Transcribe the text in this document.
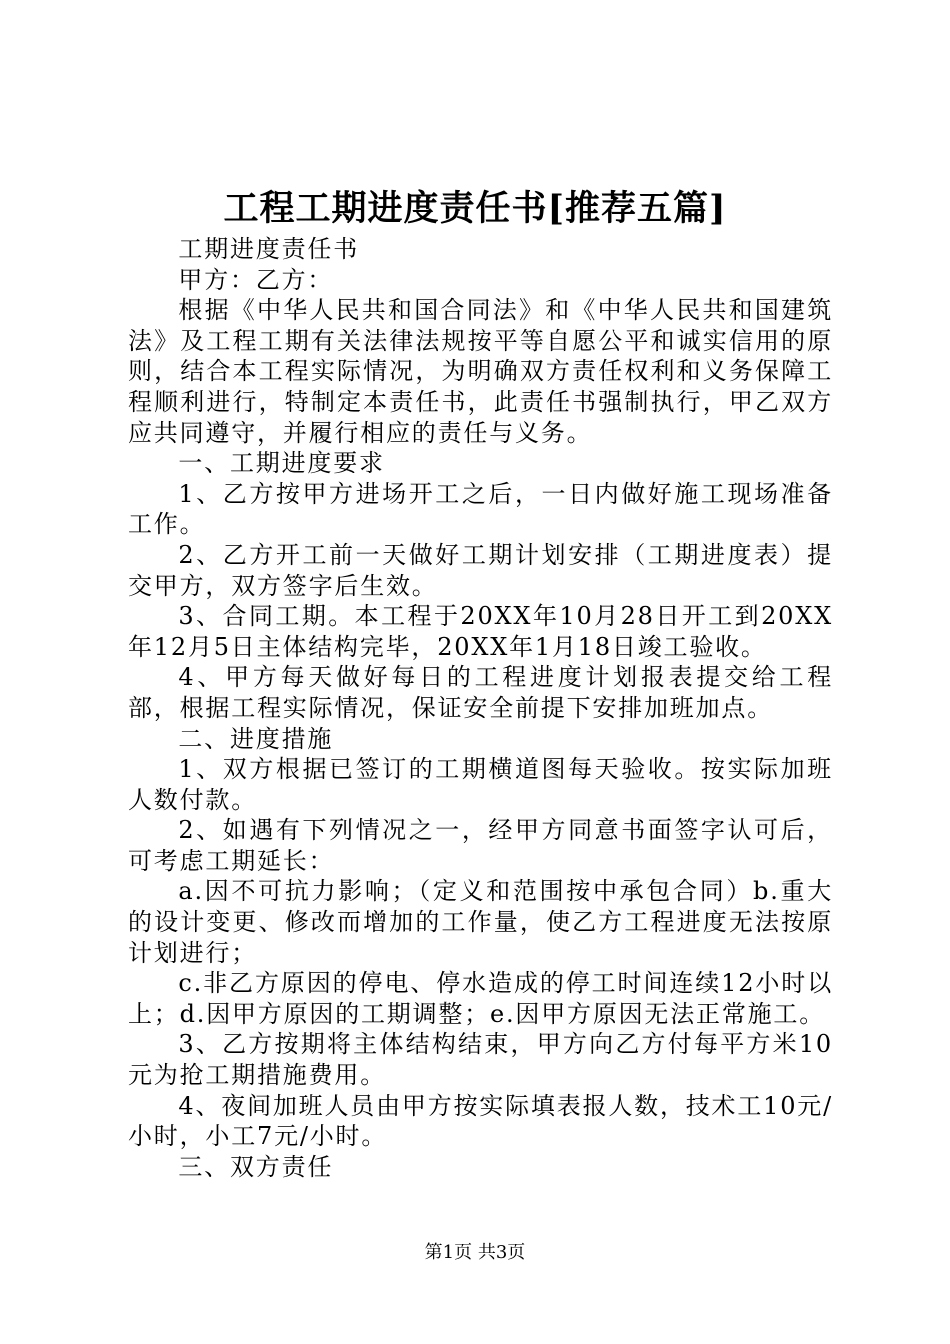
工程工期进度责任书[推荐五篇]

工期进度责任书

甲方：乙方：

根据《中华人民共和国合同法》和《中华人民共和国建筑法》及工程工期有关法律法规按平等自愿公平和诚实信用的原则，结合本工程实际情况，为明确双方责任权利和义务保障工程顺利进行，特制定本责任书，此责任书强制执行，甲乙双方应共同遵守，并履行相应的责任与义务。

一、工期进度要求

1、乙方按甲方进场开工之后，一日内做好施工现场准备工作。

2、乙方开工前一天做好工期计划安排（工期进度表）提交甲方，双方签字后生效。

3、合同工期。本工程于20XX年10月28日开工到20XX年12月5日主体结构完毕，20XX年1月18日竣工验收。

4、甲方每天做好每日的工程进度计划报表提交给工程部，根据工程实际情况，保证安全前提下安排加班加点。

二、进度措施

1、双方根据已签订的工期横道图每天验收。按实际加班人数付款。

2、如遇有下列情况之一，经甲方同意书面签字认可后，可考虑工期延长：

a.因不可抗力影响；（定义和范围按中承包合同）b.重大的设计变更、修改而增加的工作量，使乙方工程进度无法按原计划进行；

c.非乙方原因的停电、停水造成的停工时间连续12小时以上；d.因甲方原因的工期调整；e.因甲方原因无法正常施工。

3、乙方按期将主体结构结束，甲方向乙方付每平方米10元为抢工期措施费用。

4、夜间加班人员由甲方按实际填表报人数，技术工10元/小时，小工7元/小时。

三、双方责任

第1页 共3页
